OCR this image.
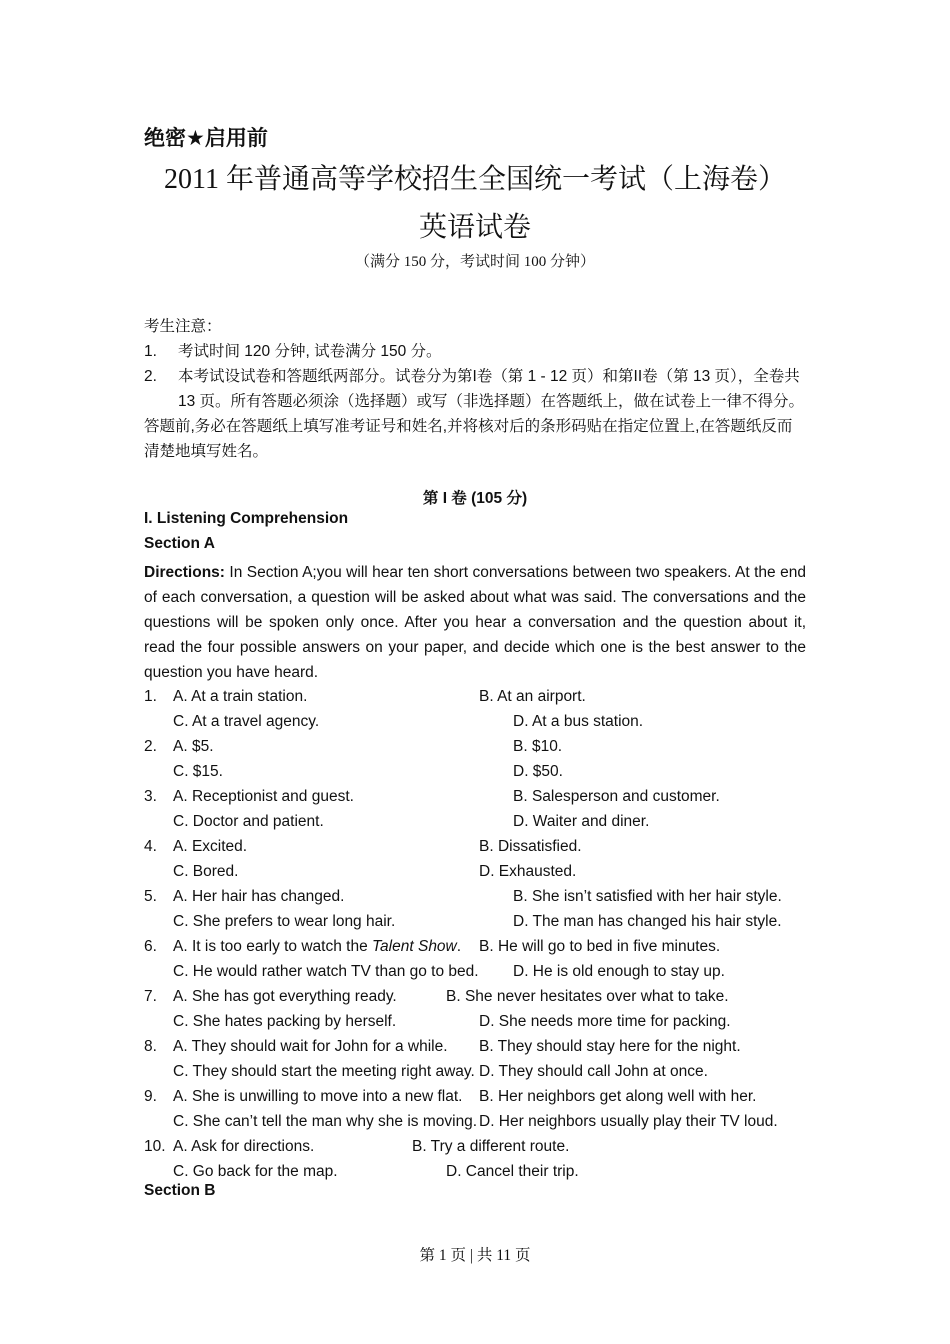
绝密★启用前
2011 年普通高等学校招生全国统一考试（上海卷）
英语试卷
（满分 150 分，考试时间 100 分钟）
考生注意：
1.	考试时间 120 分钟, 试卷满分 150 分。
2.	本考试设试卷和答题纸两部分。试卷分为第I卷（第 1 - 12 页）和第II卷（第 13 页），全卷共 13 页。所有答题必须涂（选择题）或写（非选择题）在答题纸上，做在试卷上一律不得分。
答题前,务必在答题纸上填写准考证号和姓名,并将核对后的条形码贴在指定位置上,在答题纸反而清楚地填写姓名。
第 I 卷 (105 分)
I. Listening Comprehension
Section A
Directions: In Section A;you will hear ten short conversations between two speakers. At the end of each conversation, a question will be asked about what was said. The conversations and the questions will be spoken only once. After you hear a conversation and the question about it, read the four possible answers on your paper, and decide which one is the best answer to the question you have heard.
1. A. At a train station.	B. At an airport.
C. At a travel agency.	D. At a bus station.
2. A. $5.	B. $10.
C. $15.	D. $50.
3. A. Receptionist and guest.	B. Salesperson and customer.
C. Doctor and patient.	D. Waiter and diner.
4. A. Excited.	B. Dissatisfied.
C. Bored.	D. Exhausted.
5. A. Her hair has changed.	B. She isn’t satisfied with her hair style.
C. She prefers to wear long hair.	D. The man has changed his hair style.
6. A. It is too early to watch the Talent Show. B. He will go to bed in five minutes.
C. He would rather watch TV than go to bed. D. He is old enough to stay up.
7. A. She has got everything ready.	B. She never hesitates over what to take.
C. She hates packing by herself.	D. She needs more time for packing.
8. A. They should wait for John for a while. B. They should stay here for the night.
C. They should start the meeting right away. D. They should call John at once.
9. A. She is unwilling to move into a new flat. B. Her neighbors get along well with her.
C. She can’t tell the man why she is moving. D. Her neighbors usually play their TV loud.
10. A. Ask for directions.	B. Try a different route.
C. Go back for the map.	D. Cancel their trip.
Section B
第 1 页 | 共 11 页
